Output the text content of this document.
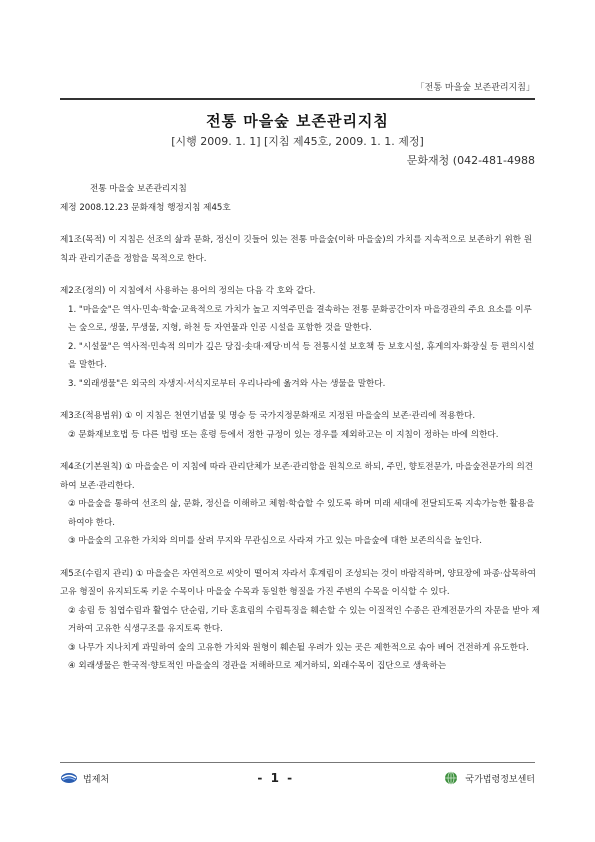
「전통 마을숲 보존관리지침」
전통 마을숲 보존관리지침
[시행 2009. 1. 1] [지침 제45호, 2009. 1. 1. 제정]
문화재청 (042-481-4988

전통 마을숲 보존관리지침

제정 2008.12.23 문화재청 행정지침 제45호

제1조(목적) 이 지침은 선조의 삶과 문화, 정신이 깃들어 있는 전통 마을숲(이하 마을숲)의 가치를 지속적으로 보존하기 위한 원칙과 관리기준을 정함을 목적으로 한다.

제2조(정의) 이 지침에서 사용하는 용어의 정의는 다음 각 호와 같다.

1. "마을숲"은 역사·민속·학술·교육적으로 가치가 높고 지역주민을 결속하는 전통 문화공간이자 마을경관의 주요 요소를 이루는 숲으로, 생물, 무생물, 지형, 하천 등 자연물과 인공 시설을 포함한 것을 말한다.

2. "시설물"은 역사적·민속적 의미가 깊은 당집·솟대·제당·비석 등 전통시설 보호책 등 보호시설, 휴게의자·화장실 등 편의시설을 말한다.

3. "외래생물"은 외국의 자생지·서식지로부터 우리나라에 옮겨와 사는 생물을 말한다.

제3조(적용범위) ① 이 지침은 천연기념물 및 명승 등 국가지정문화재로 지정된 마을숲의 보존·관리에 적용한다.

② 문화재보호법 등 다른 법령 또는 훈령 등에서 정한 규정이 있는 경우를 제외하고는 이 지침이 정하는 바에 의한다.

제4조(기본원칙) ① 마을숲은 이 지침에 따라 관리단체가 보존·관리함을 원칙으로 하되, 주민, 향토전문가, 마을숲전문가의 의견하여 보존·관리한다.

② 마을숲을 통하여 선조의 삶, 문화, 정신을 이해하고 체험·학습할 수 있도록 하며 미래 세대에 전달되도록 지속가능한 활용을 하여야 한다.

③ 마을숲의 고유한 가치와 의미를 살려 무지와 무관심으로 사라져 가고 있는 마을숲에 대한 보존의식을 높인다.

제5조(수림지 관리) ① 마을숲은 자연적으로 씨앗이 떨어져 자라서 후계림이 조성되는 것이 바람직하며, 양묘장에 파종·삽목하여 고유 형질이 유지되도록 키운 수목이나 마을숲 수목과 동일한 형질을 가진 주변의 수목을 이식할 수 있다.

② 송림 등 침엽수림과 활엽수 단순림, 기타 혼효림의 수림특징을 훼손할 수 있는 이질적인 수종은 관계전문가의 자문을 받아 제거하여 고유한 식생구조를 유지토록 한다.

③ 나무가 지나치게 과밀하여 숲의 고유한 가치와 원형이 훼손될 우려가 있는 곳은 제한적으로 솎아 베어 건전하게 유도한다.

④ 외래생물은 한국적·향토적인 마을숲의 경관을 저해하므로 제거하되, 외래수목이 집단으로 생육하는

법제처	- 1 -	국가법령정보센터
